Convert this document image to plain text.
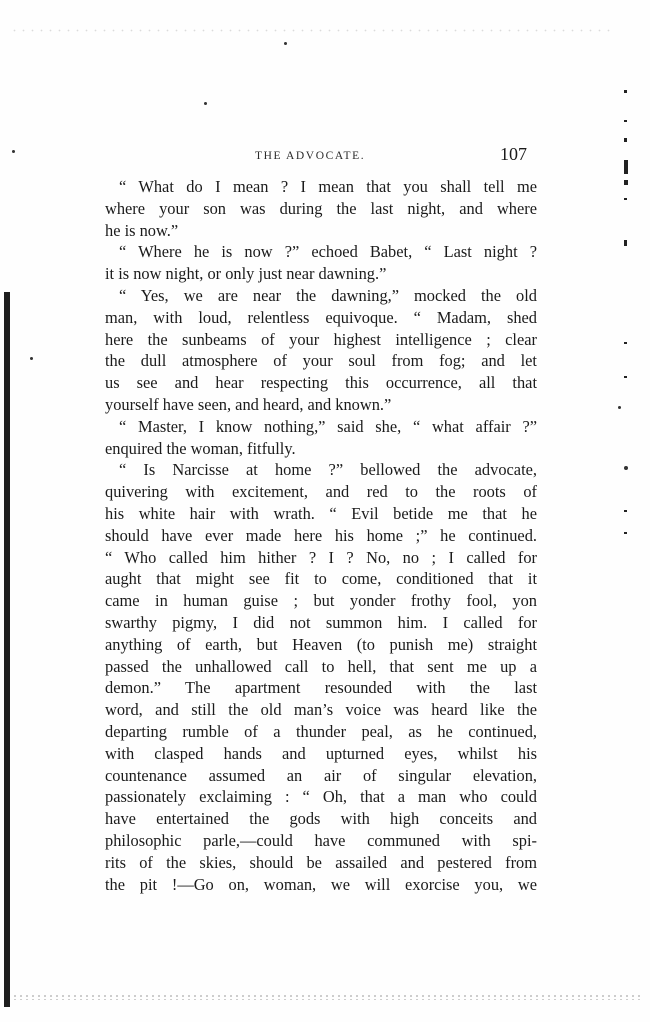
THE ADVOCATE.	107
“ What do I mean ? I mean that you shall tell me
where your son was during the last night, and where
he is now.”
“ Where he is now ?” echoed Babet, “ Last night ?
it is now night, or only just near dawning.”
“ Yes, we are near the dawning,” mocked the old
man, with loud, relentless equivoque. “ Madam, shed
here the sunbeams of your highest intelligence ; clear
the dull atmosphere of your soul from fog; and let
us see and hear respecting this occurrence, all that
yourself have seen, and heard, and known.”
“ Master, I know nothing,” said she, “ what affair ?”
enquired the woman, fitfully.
“ Is Narcisse at home ?” bellowed the advocate,
quivering with excitement, and red to the roots of
his white hair with wrath. “ Evil betide me that he
should have ever made here his home ;” he continued.
“ Who called him hither ? I ? No, no ; I called for
aught that might see fit to come, conditioned that it
came in human guise ; but yonder frothy fool, yon
swarthy pigmy, I did not summon him. I called for
anything of earth, but Heaven (to punish me) straight
passed the unhallowed call to hell, that sent me up a
demon.” The apartment resounded with the last
word, and still the old man’s voice was heard like the
departing rumble of a thunder peal, as he continued,
with clasped hands and upturned eyes, whilst his
countenance assumed an air of singular elevation,
passionately exclaiming : “ Oh, that a man who could
have entertained the gods with high conceits and
philosophic parle,—could have communed with spi-
rits of the skies, should be assailed and pestered from
the pit !—Go on, woman, we will exorcise you, we
